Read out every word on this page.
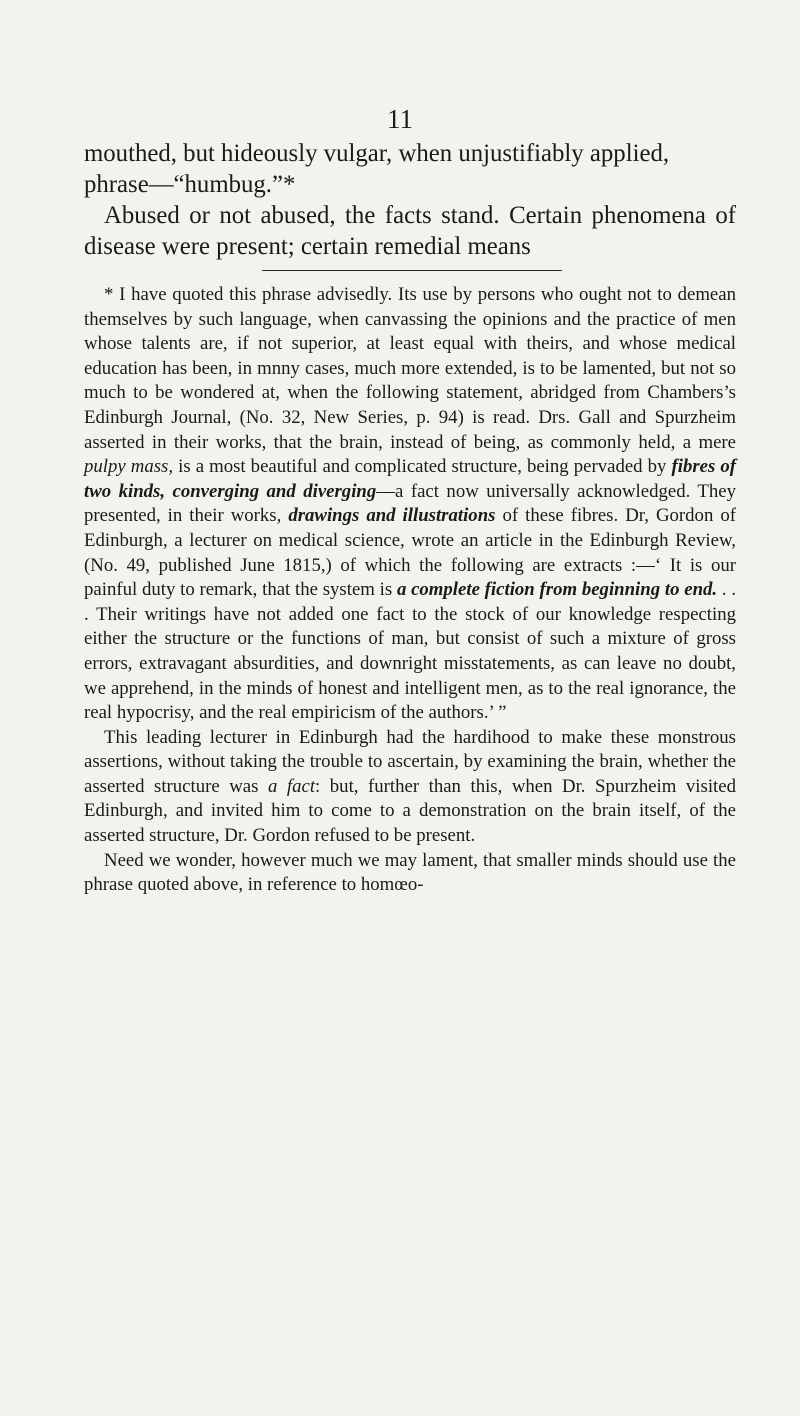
11

mouthed, but hideously vulgar, when unjustifiably applied,

phrase—“humbug.”*

Abused or not abused, the facts stand. Certain phenomena of disease were present; certain remedial means

* I have quoted this phrase advisedly. Its use by persons who ought not to demean themselves by such language, when canvassing the opinions and the practice of men whose talents are, if not superior, at least equal with theirs, and whose medical education has been, in mnny cases, much more extended, is to be lamented, but not so much to be wondered at, when the following statement, abridged from Chambers’s Edinburgh Journal, (No. 32, New Series, p. 94) is read. Drs. Gall and Spurzheim asserted in their works, that the brain, instead of being, as commonly held, a mere pulpy mass, is a most beautiful and complicated structure, being pervaded by fibres of two kinds, converging and diverging—a fact now universally acknowledged. They presented, in their works, drawings and illustrations of these fibres. Dr, Gordon of Edinburgh, a lecturer on medical science, wrote an article in the Edinburgh Review, (No. 49, published June 1815,) of which the following are extracts :—‘ It is our painful duty to remark, that the system is a complete fiction from beginning to end. . . . Their writings have not added one fact to the stock of our knowledge respecting either the structure or the functions of man, but consist of such a mixture of gross errors, extravagant absurdities, and downright misstatements, as can leave no doubt, we apprehend, in the minds of honest and intelligent men, as to the real ignorance, the real hypocrisy, and the real empiricism of the authors.’ ”

This leading lecturer in Edinburgh had the hardihood to make these monstrous assertions, without taking the trouble to ascertain, by examining the brain, whether the asserted structure was a fact: but, further than this, when Dr. Spurzheim visited Edinburgh, and invited him to come to a demonstration on the brain itself, of the asserted structure, Dr. Gordon refused to be present.

Need we wonder, however much we may lament, that smaller minds should use the phrase quoted above, in reference to homœo-
